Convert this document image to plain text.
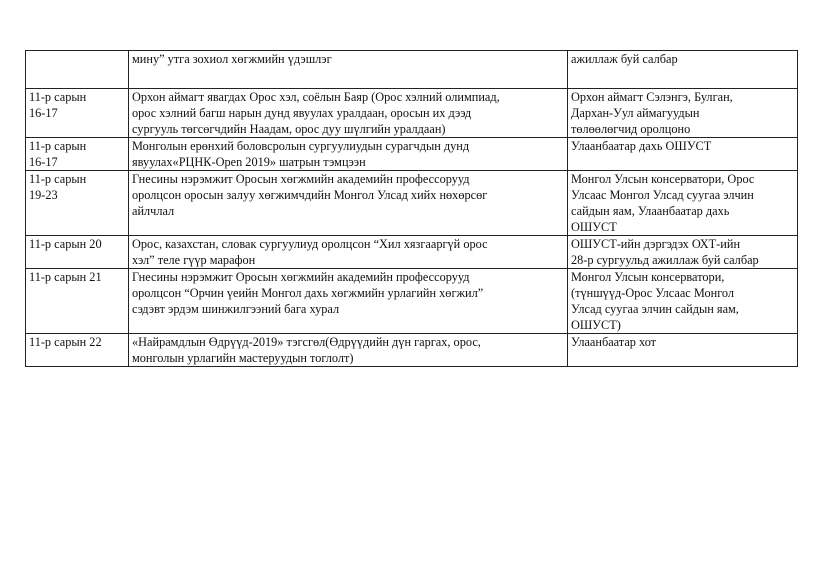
	мину” утга зохиол хөгжмийн үдэшлэг	ажиллаж буй салбар

11-р сарын
16-17	Орхон аймагт явагдах Орос хэл, соёлын Баяр (Орос хэлний олимпиад,
орос хэлний багш нарын дунд явуулах уралдаан, оросын их дээд
сургууль төгсөгчдийн Наадам, орос дуу шүлгийн уралдаан)	Орхон аймагт Сэлэнгэ, Булган,
Дархан-Уул аймагуудын
төлөөлөгчид оролцоно

11-р сарын
16-17	Монголын ерөнхий боловсролын сургуулиудын сурагчдын дунд
явуулах«РЦНК-Open 2019» шатрын тэмцээн	Улаанбаатар дахь ОШУСТ

11-р сарын
19-23	Гнесины нэрэмжит Оросын хөгжмийн академийн профессорууд
оролцсон оросын залуу хөгжимчдийн Монгол Улсад хийх нөхөрсөг
айлчлал	Монгол Улсын консерватори, Орос
Улсаас Монгол Улсад суугаа элчин
сайдын яам, Улаанбаатар дахь
ОШУСТ

11-р сарын 20	Орос, казахстан, словак сургуулиуд оролцсон “Хил хязгааргүй орос
хэл” теле гүүр марафон	ОШУСТ-ийн дэргэдэх ОХТ-ийн
28-р сургуульд ажиллаж буй салбар

11-р сарын 21	Гнесины нэрэмжит Оросын хөгжмийн академийн профессорууд
оролцсон “Орчин үеийн Монгол дахь хөгжмийн урлагийн хөгжил”
сэдэвт эрдэм шинжилгээний бага хурал	Монгол Улсын консерватори,
(түншүүд-Орос Улсаас Монгол
Улсад суугаа элчин сайдын яам,
ОШУСТ)

11-р сарын 22	«Найрамдлын Өдрүүд-2019» тэгсгөл(Өдрүүдийн дүн гаргах, орос,
монголын урлагийн мастеруудын тоглолт)	Улаанбаатар хот
